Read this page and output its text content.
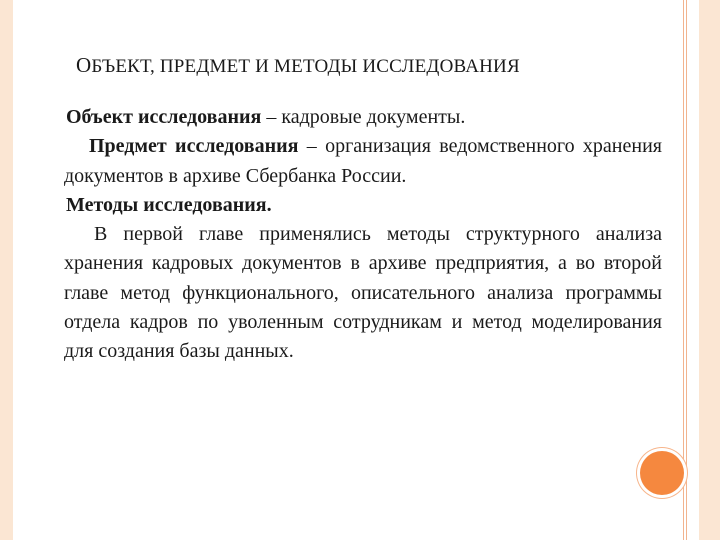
ОБЪЕКТ, ПРЕДМЕТ И МЕТОДЫ ИССЛЕДОВАНИЯ

Объект исследования – кадровые документы.

Предмет исследования – организация ведомственного хранения документов в архиве Сбербанка России.

Методы исследования.

В первой главе применялись методы структурного анализа хранения кадровых документов в архиве предприятия, а во второй главе метод функционального, описательного анализа программы отдела кадров по уволенным сотрудникам и метод моделирования для создания базы данных.
